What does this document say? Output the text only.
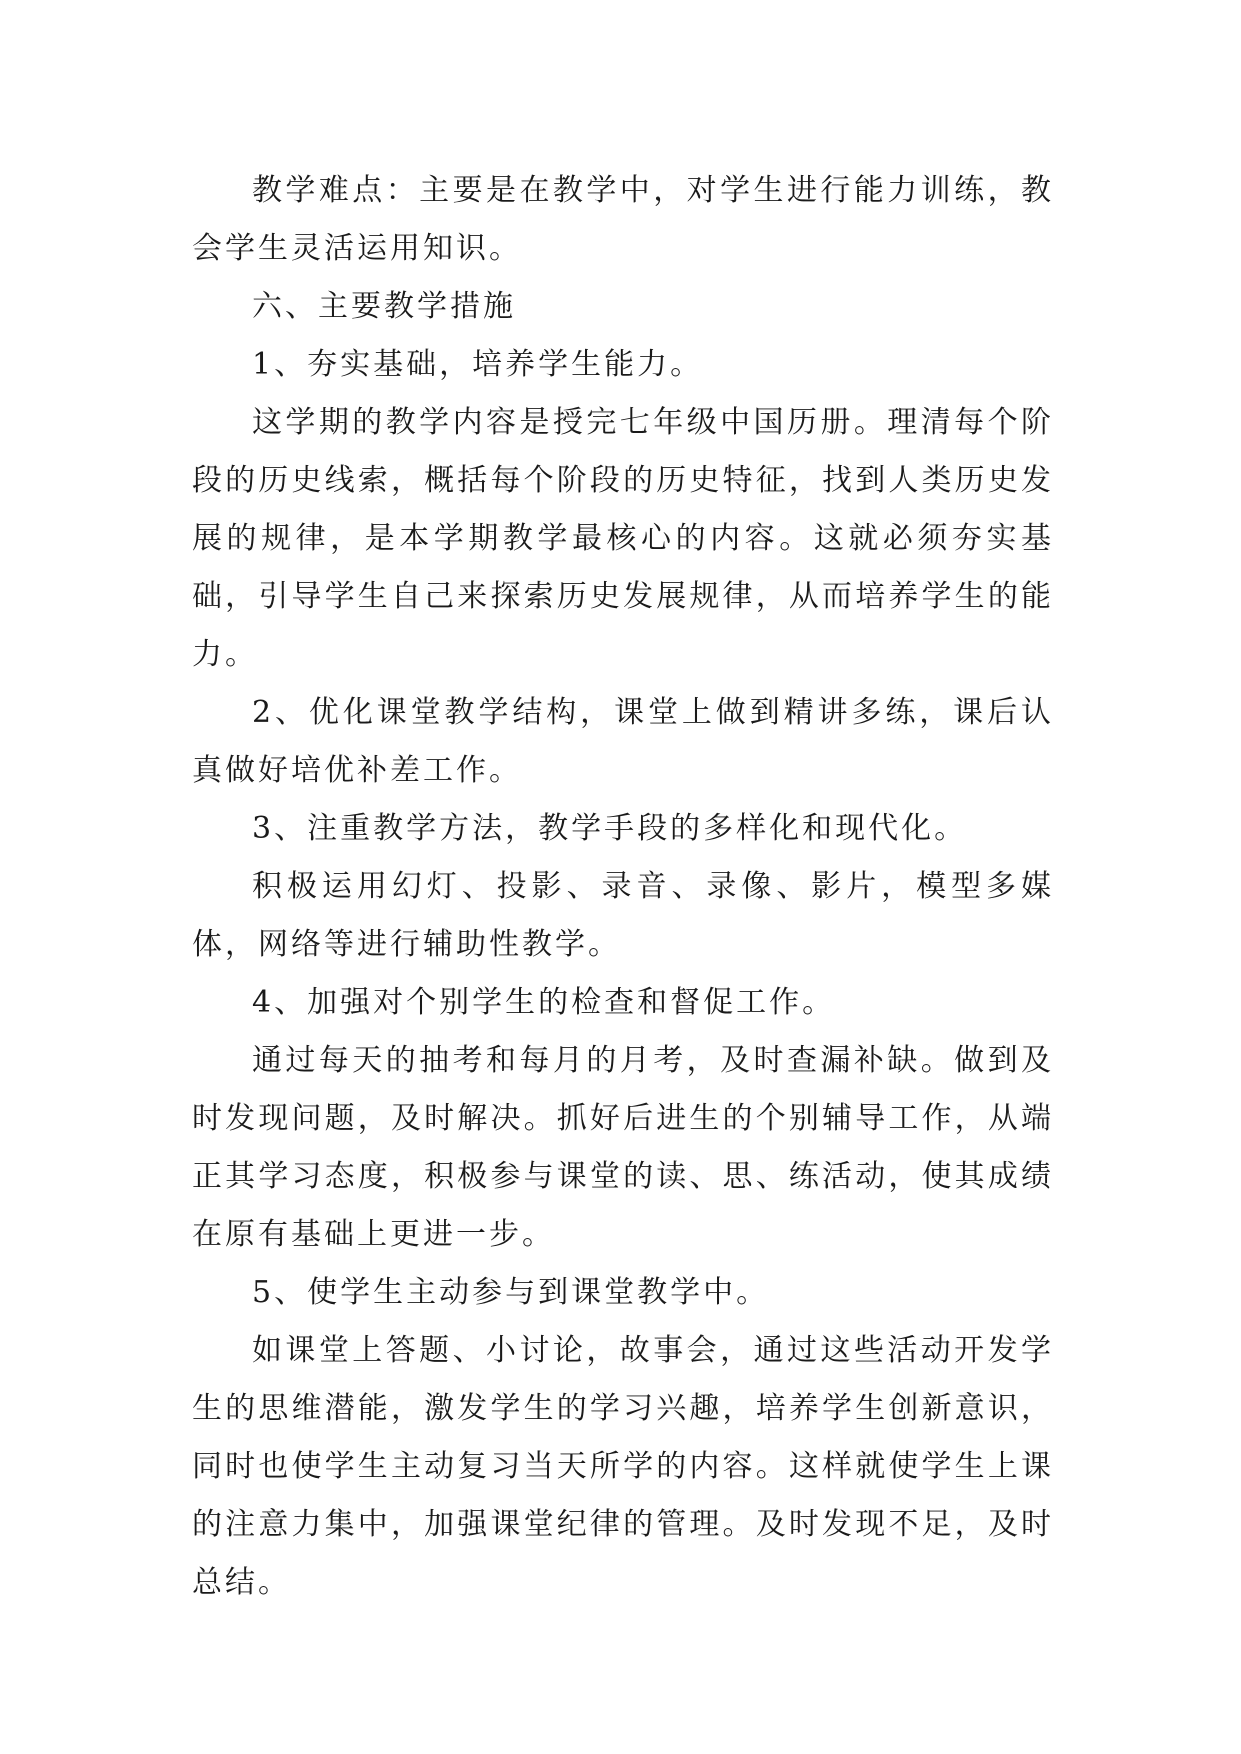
教学难点：主要是在教学中，对学生进行能力训练，教会学生灵活运用知识。

六、主要教学措施

1、夯实基础，培养学生能力。

这学期的教学内容是授完七年级中国历册。理清每个阶段的历史线索，概括每个阶段的历史特征，找到人类历史发展的规律，是本学期教学最核心的内容。这就必须夯实基础，引导学生自己来探索历史发展规律，从而培养学生的能力。

2、优化课堂教学结构，课堂上做到精讲多练，课后认真做好培优补差工作。

3、注重教学方法，教学手段的多样化和现代化。

积极运用幻灯、投影、录音、录像、影片，模型多媒体，网络等进行辅助性教学。

4、加强对个别学生的检查和督促工作。

通过每天的抽考和每月的月考，及时查漏补缺。做到及时发现问题，及时解决。抓好后进生的个别辅导工作，从端正其学习态度，积极参与课堂的读、思、练活动，使其成绩在原有基础上更进一步。

5、使学生主动参与到课堂教学中。

如课堂上答题、小讨论，故事会，通过这些活动开发学生的思维潜能，激发学生的学习兴趣，培养学生创新意识，同时也使学生主动复习当天所学的内容。这样就使学生上课的注意力集中，加强课堂纪律的管理。及时发现不足，及时总结。
